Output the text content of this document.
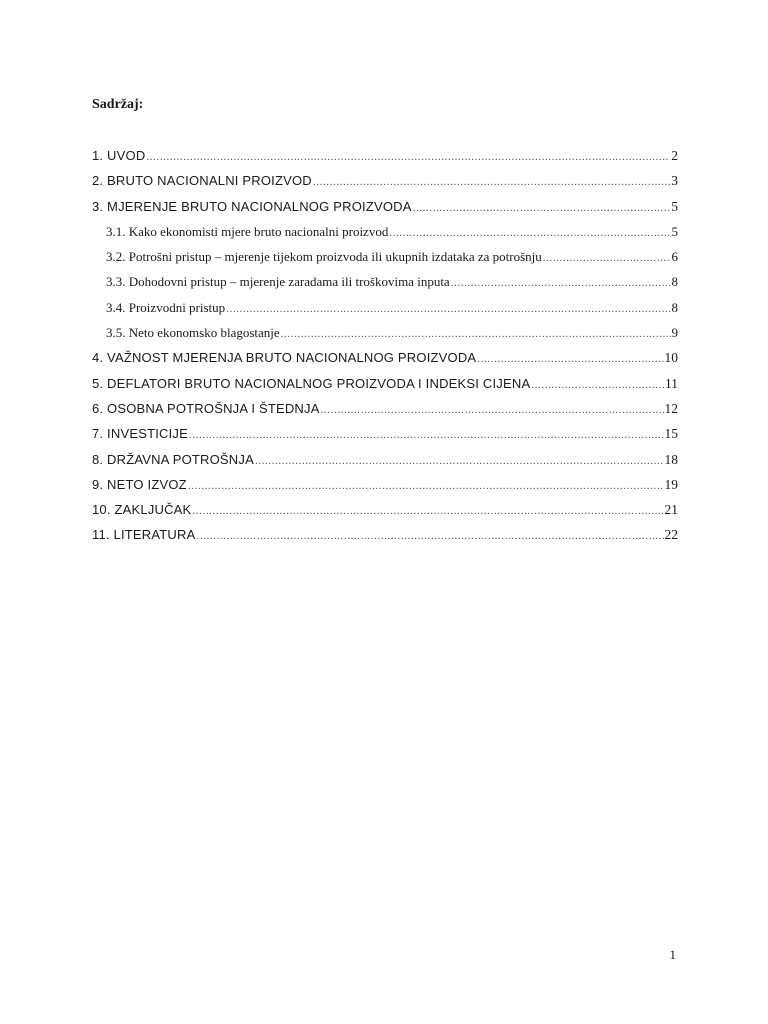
Sadržaj:
1. UVOD .....	2
2. BRUTO NACIONALNI PROIZVOD .....	3
3. MJERENJE BRUTO NACIONALNOG PROIZVODA .....	5
3.1. Kako ekonomisti mjere bruto nacionalni proizvod .....	5
3.2. Potrošni pristup – mjerenje tijekom proizvoda ili ukupnih izdataka za potrošnju .....	6
3.3. Dohodovni pristup – mjerenje zaradama ili troškovima inputa .....	8
3.4. Proizvodni pristup .....	8
3.5. Neto ekonomsko blagostanje .....	9
4. VAŽNOST MJERENJA BRUTO NACIONALNOG PROIZVODA .....	10
5. DEFLATORI BRUTO NACIONALNOG PROIZVODA I INDEKSI CIJENA .....	11
6. OSOBNA POTROŠNJA I ŠTEDNJA .....	12
7. INVESTICIJE .....	15
8. DRŽAVNA POTROŠNJA .....	18
9. NETO IZVOZ .....	19
10. ZAKLJUČAK .....	21
11. LITERATURA .....	22
1
